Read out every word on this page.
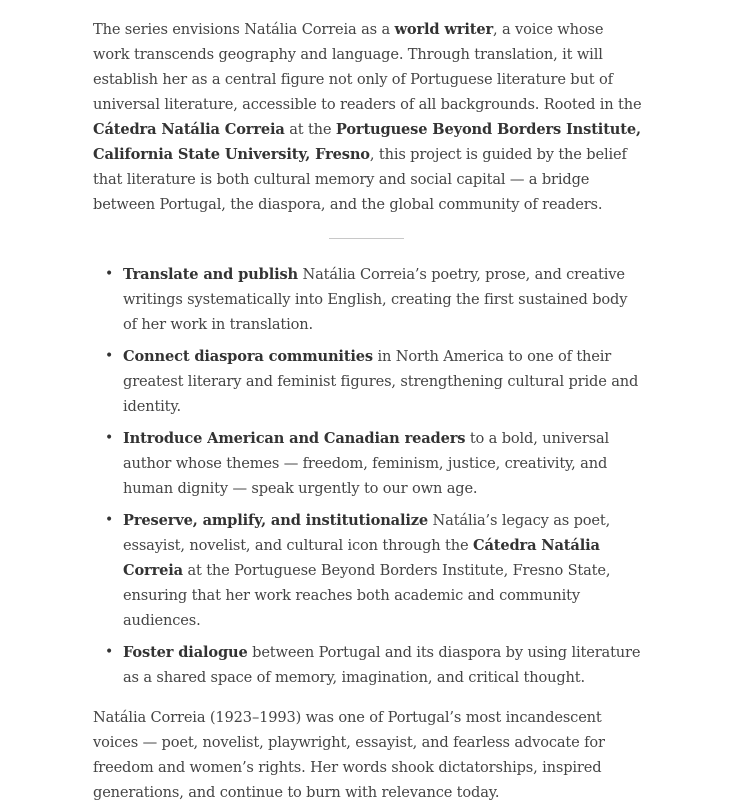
The series envisions Natália Correia as a world writer, a voice whose work transcends geography and language. Through translation, it will establish her as a central figure not only of Portuguese literature but of universal literature, accessible to readers of all backgrounds. Rooted in the Cátedra Natália Correia at the Portuguese Beyond Borders Institute, California State University, Fresno, this project is guided by the belief that literature is both cultural memory and social capital — a bridge between Portugal, the diaspora, and the global community of readers.

• Translate and publish Natália Correia’s poetry, prose, and creative writings systematically into English, creating the first sustained body of her work in translation.
• Connect diaspora communities in North America to one of their greatest literary and feminist figures, strengthening cultural pride and identity.
• Introduce American and Canadian readers to a bold, universal author whose themes — freedom, feminism, justice, creativity, and human dignity — speak urgently to our own age.
• Preserve, amplify, and institutionalize Natália’s legacy as poet, essayist, novelist, and cultural icon through the Cátedra Natália Correia at the Portuguese Beyond Borders Institute, Fresno State, ensuring that her work reaches both academic and community audiences.
• Foster dialogue between Portugal and its diaspora by using literature as a shared space of memory, imagination, and critical thought.

Natália Correia (1923–1993) was one of Portugal’s most incandescent voices — poet, novelist, playwright, essayist, and fearless advocate for freedom and women’s rights. Her words shook dictatorships, inspired generations, and continue to burn with relevance today.
